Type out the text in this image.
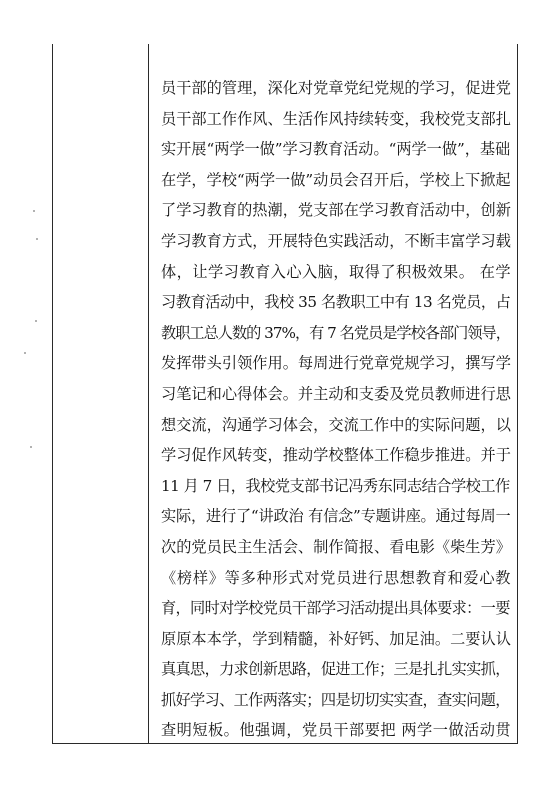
员干部的管理，深化对党章党纪党规的学习，促进党
员干部工作作风、生活作风持续转变，我校党支部扎
实开展“两学一做”学习教育活动。“两学一做”，基础
在学，学校“两学一做”动员会召开后，学校上下掀起
了学习教育的热潮，党支部在学习教育活动中，创新
学习教育方式，开展特色实践活动，不断丰富学习载
体，让学习教育入心入脑，取得了积极效果。 在学
习教育活动中，我校 35 名教职工中有 13 名党员，占
教职工总人数的 37%，有 7 名党员是学校各部门领导，
发挥带头引领作用。每周进行党章党规学习，撰写学
习笔记和心得体会。并主动和支委及党员教师进行思
想交流，沟通学习体会，交流工作中的实际问题，以
学习促作风转变，推动学校整体工作稳步推进。并于
11 月 7 日，我校党支部书记冯秀东同志结合学校工作
实际，进行了“讲政治 有信念”专题讲座。通过每周一
次的党员民主生活会、制作简报、看电影《柴生芳》
《榜样》等多种形式对党员进行思想教育和爱心教
育，同时对学校党员干部学习活动提出具体要求：一要
原原本本学，学到精髓，补好钙、加足油。二要认认
真真思，力求创新思路，促进工作；三是扎扎实实抓，
抓好学习、工作两落实；四是切切实实查，查实问题，
查明短板。他强调，党员干部要把 两学一做活动贯
